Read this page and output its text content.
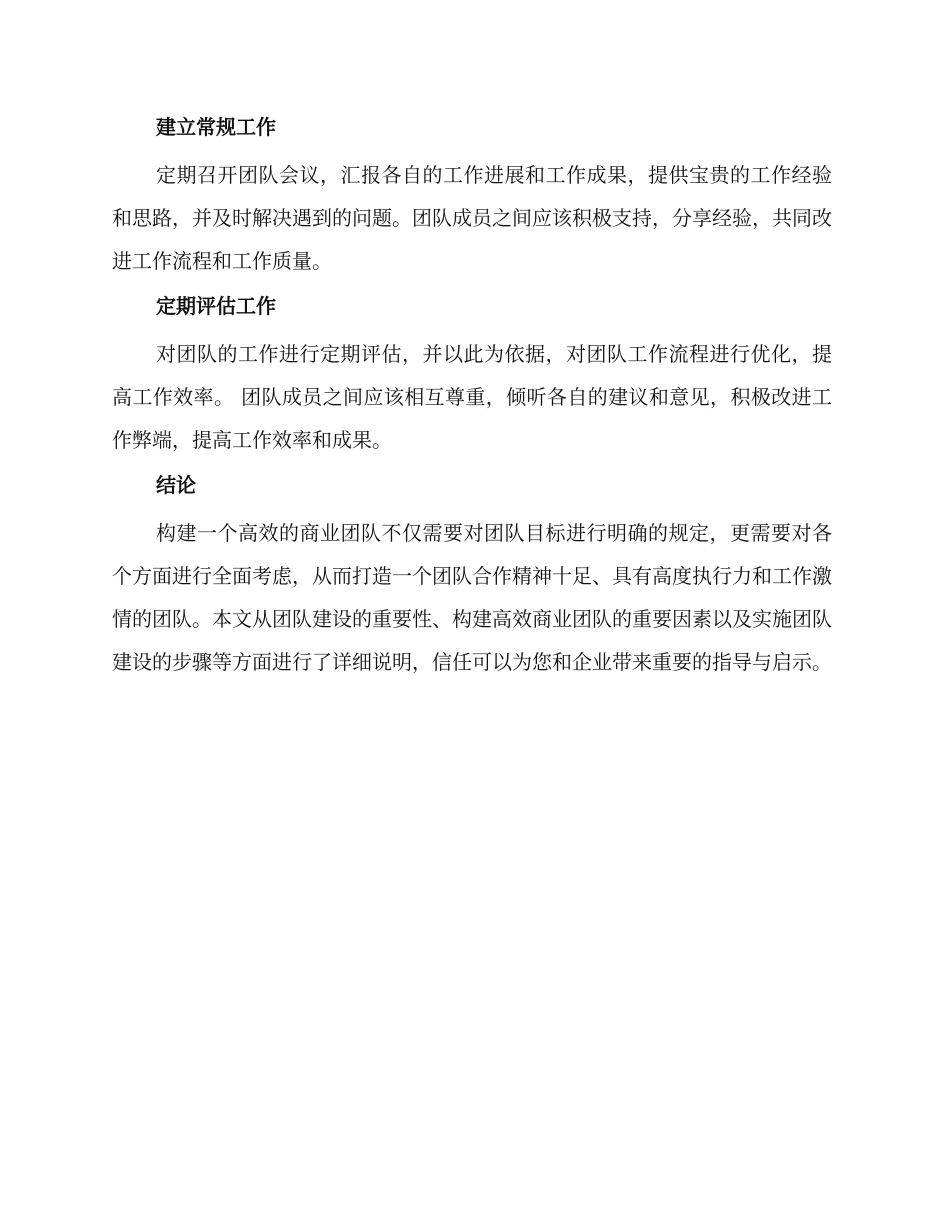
建立常规工作

定期召开团队会议，汇报各自的工作进展和工作成果，提供宝贵的工作经验和思路，并及时解决遇到的问题。团队成员之间应该积极支持，分享经验，共同改进工作流程和工作质量。

定期评估工作

对团队的工作进行定期评估，并以此为依据，对团队工作流程进行优化，提高工作效率。 团队成员之间应该相互尊重，倾听各自的建议和意见，积极改进工作弊端，提高工作效率和成果。

结论

构建一个高效的商业团队不仅需要对团队目标进行明确的规定，更需要对各个方面进行全面考虑，从而打造一个团队合作精神十足、具有高度执行力和工作激情的团队。本文从团队建设的重要性、构建高效商业团队的重要因素以及实施团队建设的步骤等方面进行了详细说明，信任可以为您和企业带来重要的指导与启示。
